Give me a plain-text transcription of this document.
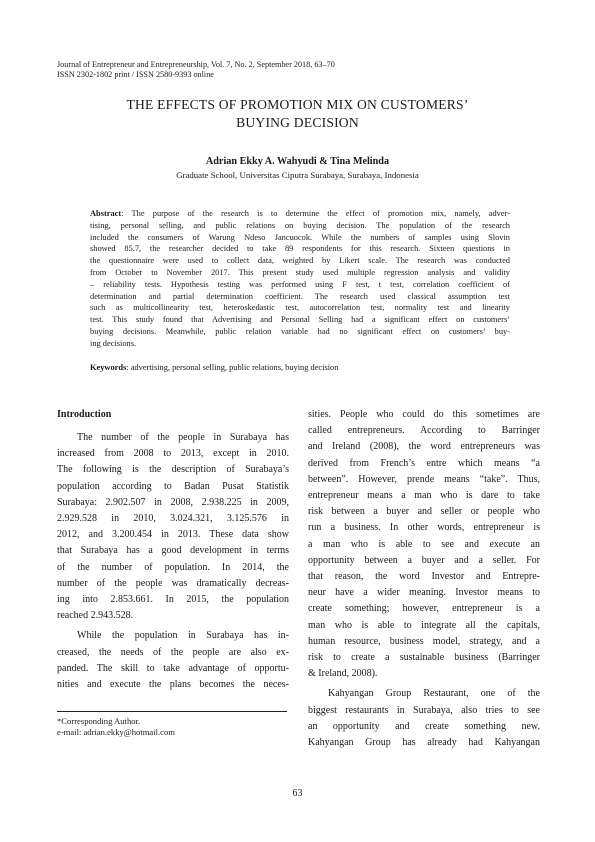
Journal of Entrepreneur and Entrepreneurship, Vol. 7, No. 2, September 2018, 63–70
ISSN 2302-1802 print / ISSN 2580-9393 online
THE EFFECTS OF PROMOTION MIX ON CUSTOMERS’
BUYING DECISION
Adrian Ekky A. Wahyudi & Tina Melinda
Graduate School, Universitas Ciputra Surabaya, Surabaya, Indonesia
Abstract: The purpose of the research is to determine the effect of promotion mix, namely, adver-
tising, personal selling, and public relations on buying decision. The population of the research
included the consumers of Warung Ndeso Jancuocok. While the numbers of samples using Slovin
showed 85.7, the researcher decided to take 89 respondents for this research. Sixteen questions in
the questionnaire were used to collect data, weighted by Likert scale. The research was conducted
from October to November 2017. This present study used multiple regression analysis and validity
– reliability tests. Hypothesis testing was performed using F test, t test, correlation coefficient of
determination and partial determination coefficient. The research used classical assumption test
such as multicollinearity test, heteroskedastic test, autocorrelation test, normality test and linearity
test. This study found that Advertising and Personal Selling had a significant effect on customers’
buying decisions. Meanwhile, public relation variable had no significant effect on customers’ buy-
ing decisions.
Keywords: advertising, personal selling, public relations, buying decision
Introduction
The number of the people in Surabaya has
increased from 2008 to 2013, except in 2010.
The following is the description of Surabaya’s
population according to Badan Pusat Statistik
Surabaya: 2.902.507 in 2008, 2.938.225 in 2009,
2.929.528 in 2010, 3.024.321, 3.125.576 in
2012, and 3.200.454 in 2013. These data show
that Surabaya has a good development in terms
of the number of population. In 2014, the
number of the people was dramatically decreas-
ing into 2.853.661. In 2015, the population
reached 2.943.528.
While the population in Surabaya has in-
creased, the needs of the people are also ex-
panded. The skill to take advantage of opportu-
nities and execute the plans becomes the neces-
sities. People who could do this sometimes are
called entrepreneurs. According to Barringer
and Ireland (2008), the word entrepreneurs was
derived from French’s entre which means “a
between”. However, prende means “take”. Thus,
entrepreneur means a man who is dare to take
risk between a buyer and seller or people who
run a business. In other words, entrepreneur is
a man who is able to see and execute an
opportunity between a buyer and a seller. For
that reason, the word Investor and Entrepre-
neur have a wider meaning. Investor means to
create something; however, entrepreneur is a
man who is able to integrate all the capitals,
human resource, business model, strategy, and a
risk to create a sustainable business (Barringer
& Ireland, 2008).
Kahyangan Group Restaurant, one of the
biggest restaurants in Surabaya, also tries to see
an opportunity and create something new.
Kahyangan Group has already had Kahyangan
*Corresponding Author.
e-mail: adrian.ekky@hotmail.com
63
